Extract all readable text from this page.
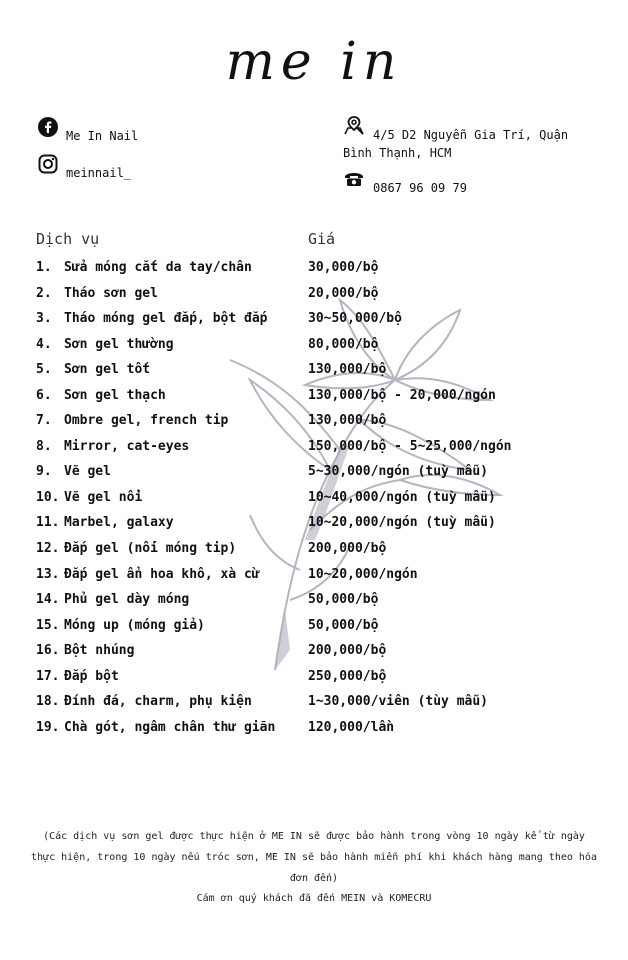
me in
Me In Nail
meinnail_
4/5 D2 Nguyễn Gia Trí, Quận Bình Thạnh, HCM
0867 96 09 79
Dịch vụ	Giá
1. Sửa móng cắt da tay/chân	30,000/bộ
2. Tháo sơn gel	20,000/bộ
3. Tháo móng gel đắp, bột đắp	30~50,000/bộ
4. Sơn gel thường	80,000/bộ
5. Sơn gel tốt	130,000/bộ
6. Sơn gel thạch	130,000/bộ - 20,000/ngón
7. Ombre gel, french tip	130,000/bộ
8. Mirror, cat-eyes	150,000/bộ - 5~25,000/ngón
9. Vẽ gel	5~30,000/ngón (tuỳ mẫu)
10. Vẽ gel nổi	10~40,000/ngón (tuỳ mẫu)
11. Marbel, galaxy	10~20,000/ngón (tuỳ mẫu)
12. Đắp gel (nối móng tip)	200,000/bộ
13. Đắp gel ẩn hoa khô, xà cừ	10~20,000/ngón
14. Phủ gel dày móng	50,000/bộ
15. Móng up (móng giả)	50,000/bộ
16. Bột nhúng	200,000/bộ
17. Đắp bột	250,000/bộ
18. Đính đá, charm, phụ kiện	1~30,000/viên (tùy mẫu)
19. Chà gót, ngâm chân thư giãn	120,000/lần
(Các dịch vụ sơn gel được thực hiện ở ME IN sẽ được bảo hành trong vòng 10 ngày kể từ ngày thực hiện, trong 10 ngày nếu tróc sơn, ME IN sẽ bảo hành miễn phí khi khách hàng mang theo hóa đơn đến)
Cám ơn quý khách đã đến MEIN và KOMECRU
